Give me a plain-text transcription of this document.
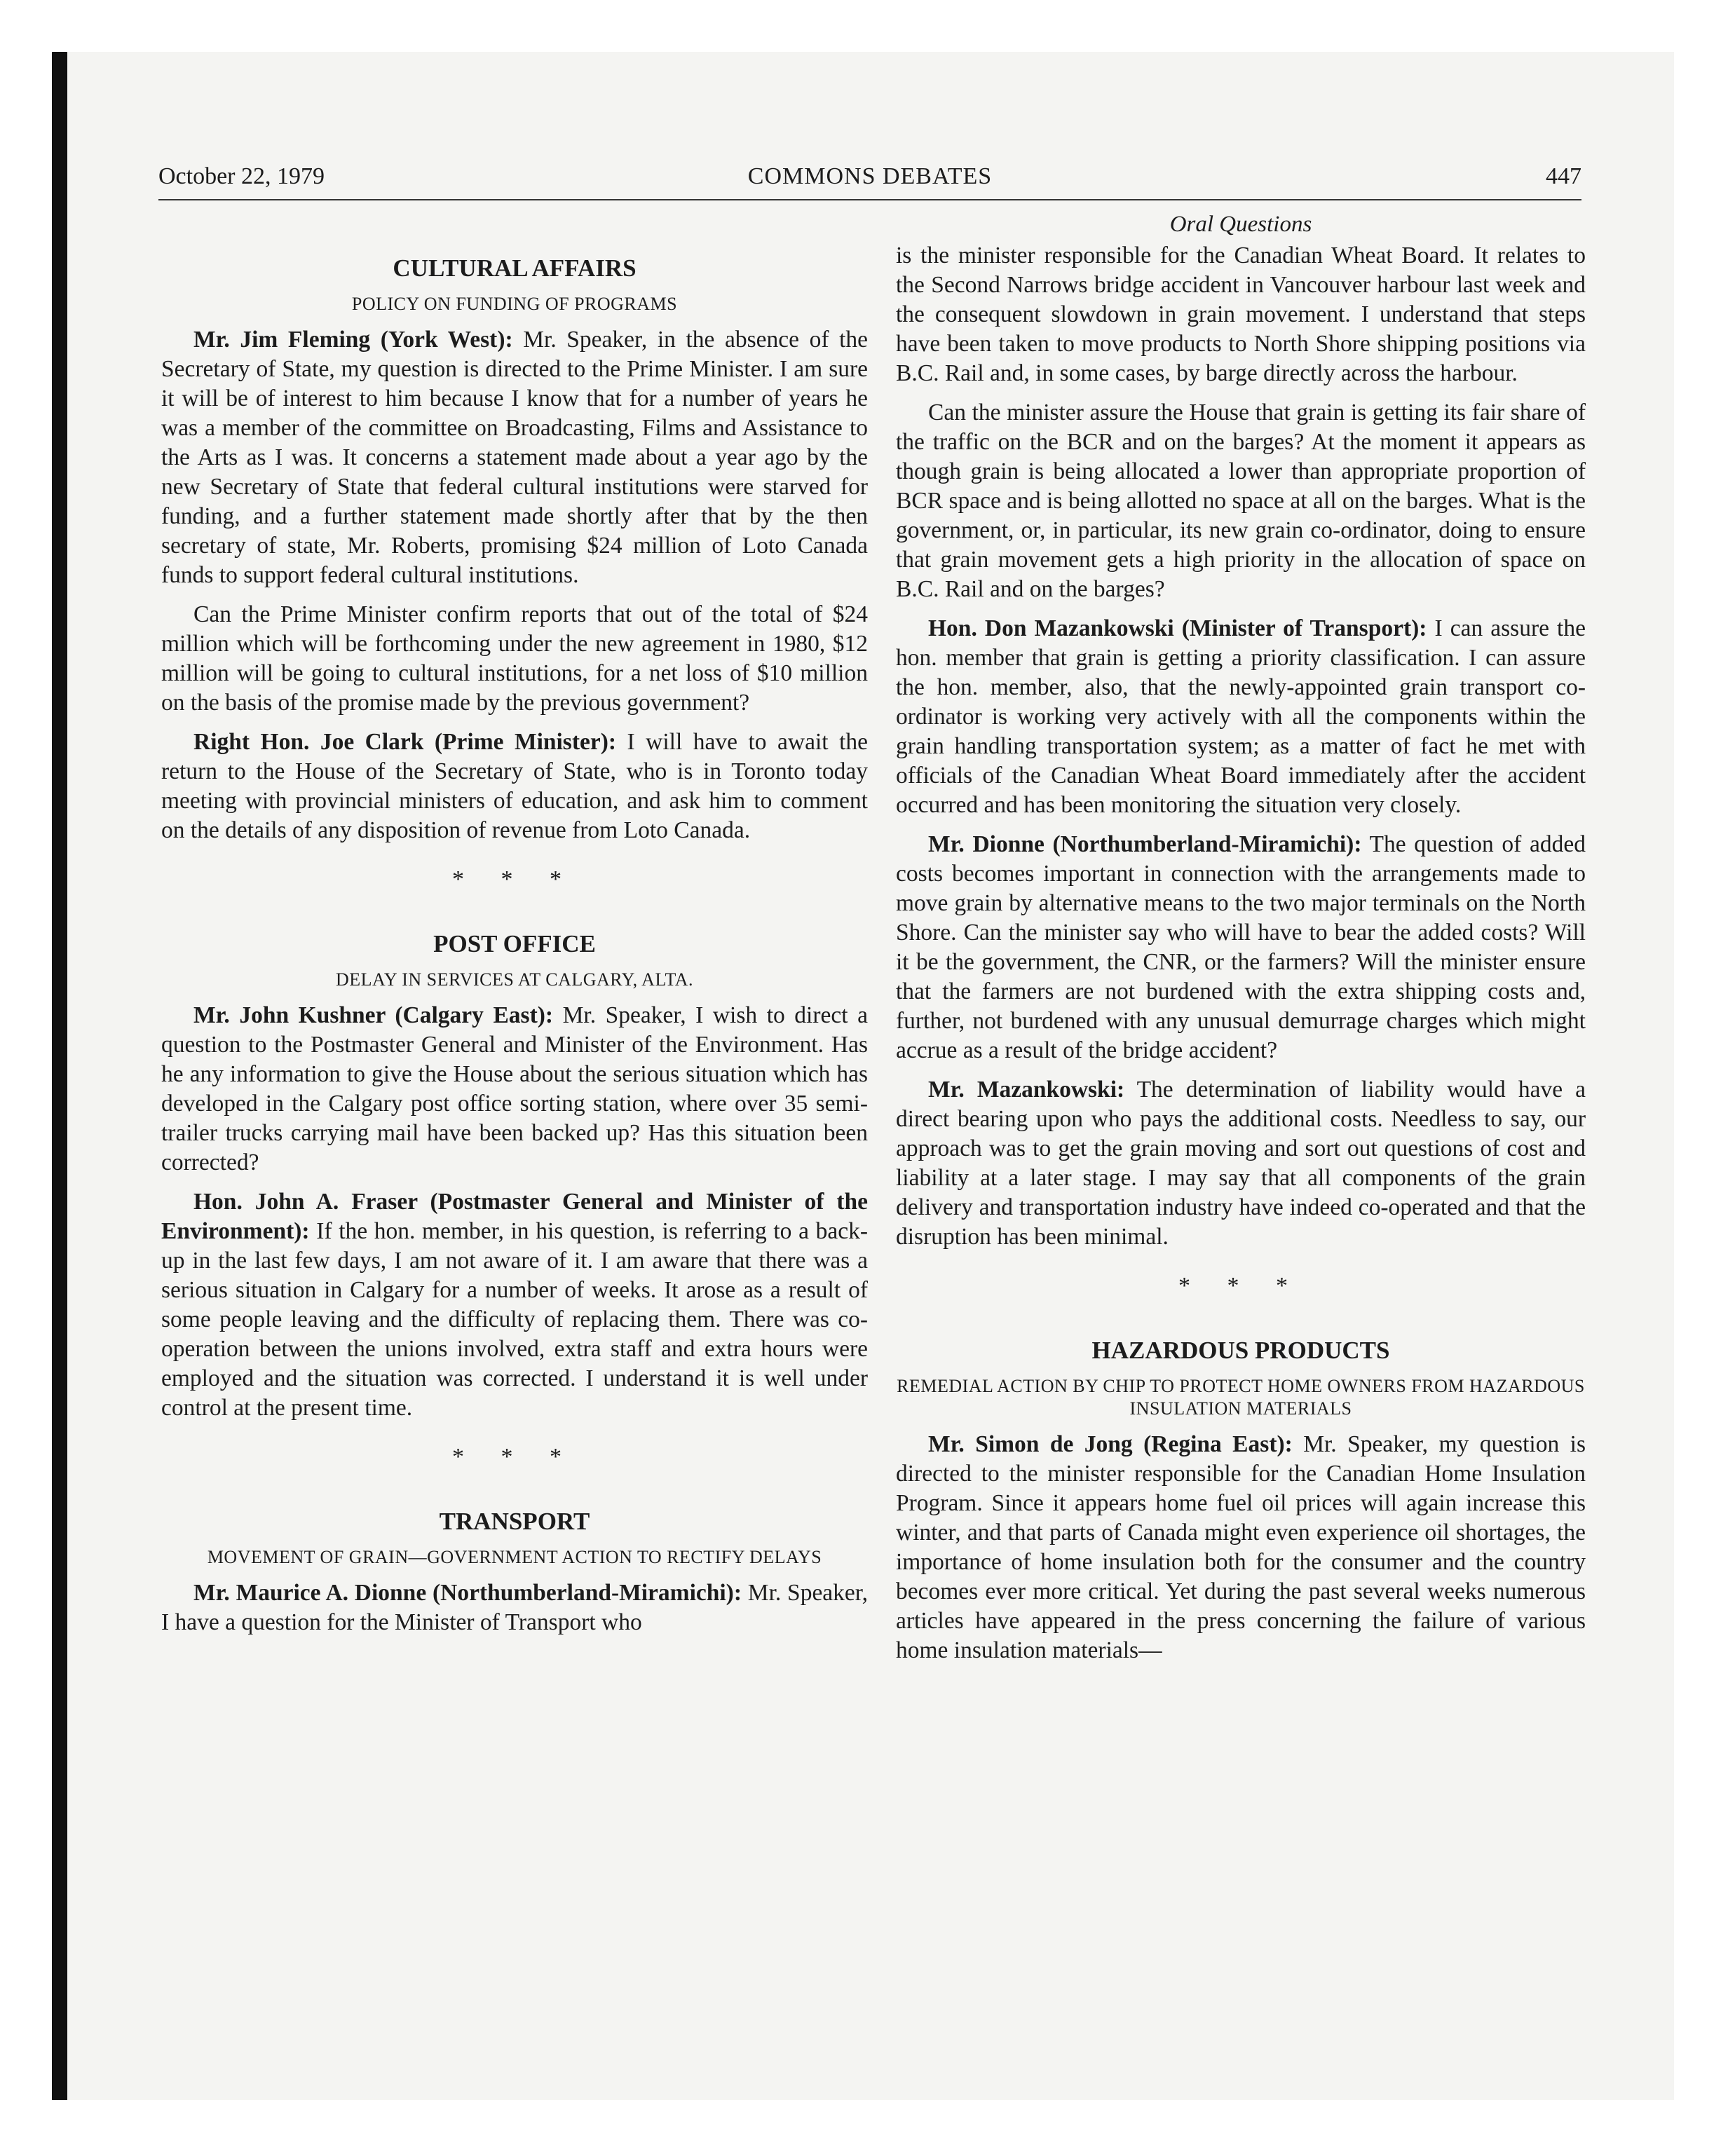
October 22, 1979	COMMONS DEBATES	447
CULTURAL AFFAIRS
POLICY ON FUNDING OF PROGRAMS

Mr. Jim Fleming (York West): Mr. Speaker, in the absence of the Secretary of State, my question is directed to the Prime Minister. I am sure it will be of interest to him because I know that for a number of years he was a member of the committee on Broadcasting, Films and Assistance to the Arts as I was. It concerns a statement made about a year ago by the new Secretary of State that federal cultural institutions were starved for funding, and a further statement made shortly after that by the then secretary of state, Mr. Roberts, promising $24 million of Loto Canada funds to support federal cultural institutions.

Can the Prime Minister confirm reports that out of the total of $24 million which will be forthcoming under the new agreement in 1980, $12 million will be going to cultural institutions, for a net loss of $10 million on the basis of the promise made by the previous government?

Right Hon. Joe Clark (Prime Minister): I will have to await the return to the House of the Secretary of State, who is in Toronto today meeting with provincial ministers of education, and ask him to comment on the details of any disposition of revenue from Loto Canada.

* * *
POST OFFICE
DELAY IN SERVICES AT CALGARY, ALTA.

Mr. John Kushner (Calgary East): Mr. Speaker, I wish to direct a question to the Postmaster General and Minister of the Environment. Has he any information to give the House about the serious situation which has developed in the Calgary post office sorting station, where over 35 semi-trailer trucks carrying mail have been backed up? Has this situation been corrected?

Hon. John A. Fraser (Postmaster General and Minister of the Environment): If the hon. member, in his question, is referring to a back-up in the last few days, I am not aware of it. I am aware that there was a serious situation in Calgary for a number of weeks. It arose as a result of some people leaving and the difficulty of replacing them. There was co-operation between the unions involved, extra staff and extra hours were employed and the situation was corrected. I understand it is well under control at the present time.

* * *
TRANSPORT
MOVEMENT OF GRAIN—GOVERNMENT ACTION TO RECTIFY DELAYS

Mr. Maurice A. Dionne (Northumberland-Miramichi): Mr. Speaker, I have a question for the Minister of Transport who

Oral Questions

is the minister responsible for the Canadian Wheat Board. It relates to the Second Narrows bridge accident in Vancouver harbour last week and the consequent slowdown in grain movement. I understand that steps have been taken to move products to North Shore shipping positions via B.C. Rail and, in some cases, by barge directly across the harbour.

Can the minister assure the House that grain is getting its fair share of the traffic on the BCR and on the barges? At the moment it appears as though grain is being allocated a lower than appropriate proportion of BCR space and is being allotted no space at all on the barges. What is the government, or, in particular, its new grain co-ordinator, doing to ensure that grain movement gets a high priority in the allocation of space on B.C. Rail and on the barges?

Hon. Don Mazankowski (Minister of Transport): I can assure the hon. member that grain is getting a priority classification. I can assure the hon. member, also, that the newly-appointed grain transport co-ordinator is working very actively with all the components within the grain handling transportation system; as a matter of fact he met with officials of the Canadian Wheat Board immediately after the accident occurred and has been monitoring the situation very closely.

Mr. Dionne (Northumberland-Miramichi): The question of added costs becomes important in connection with the arrangements made to move grain by alternative means to the two major terminals on the North Shore. Can the minister say who will have to bear the added costs? Will it be the government, the CNR, or the farmers? Will the minister ensure that the farmers are not burdened with the extra shipping costs and, further, not burdened with any unusual demurrage charges which might accrue as a result of the bridge accident?

Mr. Mazankowski: The determination of liability would have a direct bearing upon who pays the additional costs. Needless to say, our approach was to get the grain moving and sort out questions of cost and liability at a later stage. I may say that all components of the grain delivery and transportation industry have indeed co-operated and that the disruption has been minimal.

* * *
HAZARDOUS PRODUCTS
REMEDIAL ACTION BY CHIP TO PROTECT HOME OWNERS FROM HAZARDOUS INSULATION MATERIALS

Mr. Simon de Jong (Regina East): Mr. Speaker, my question is directed to the minister responsible for the Canadian Home Insulation Program. Since it appears home fuel oil prices will again increase this winter, and that parts of Canada might even experience oil shortages, the importance of home insulation both for the consumer and the country becomes ever more critical. Yet during the past several weeks numerous articles have appeared in the press concerning the failure of various home insulation materials—
